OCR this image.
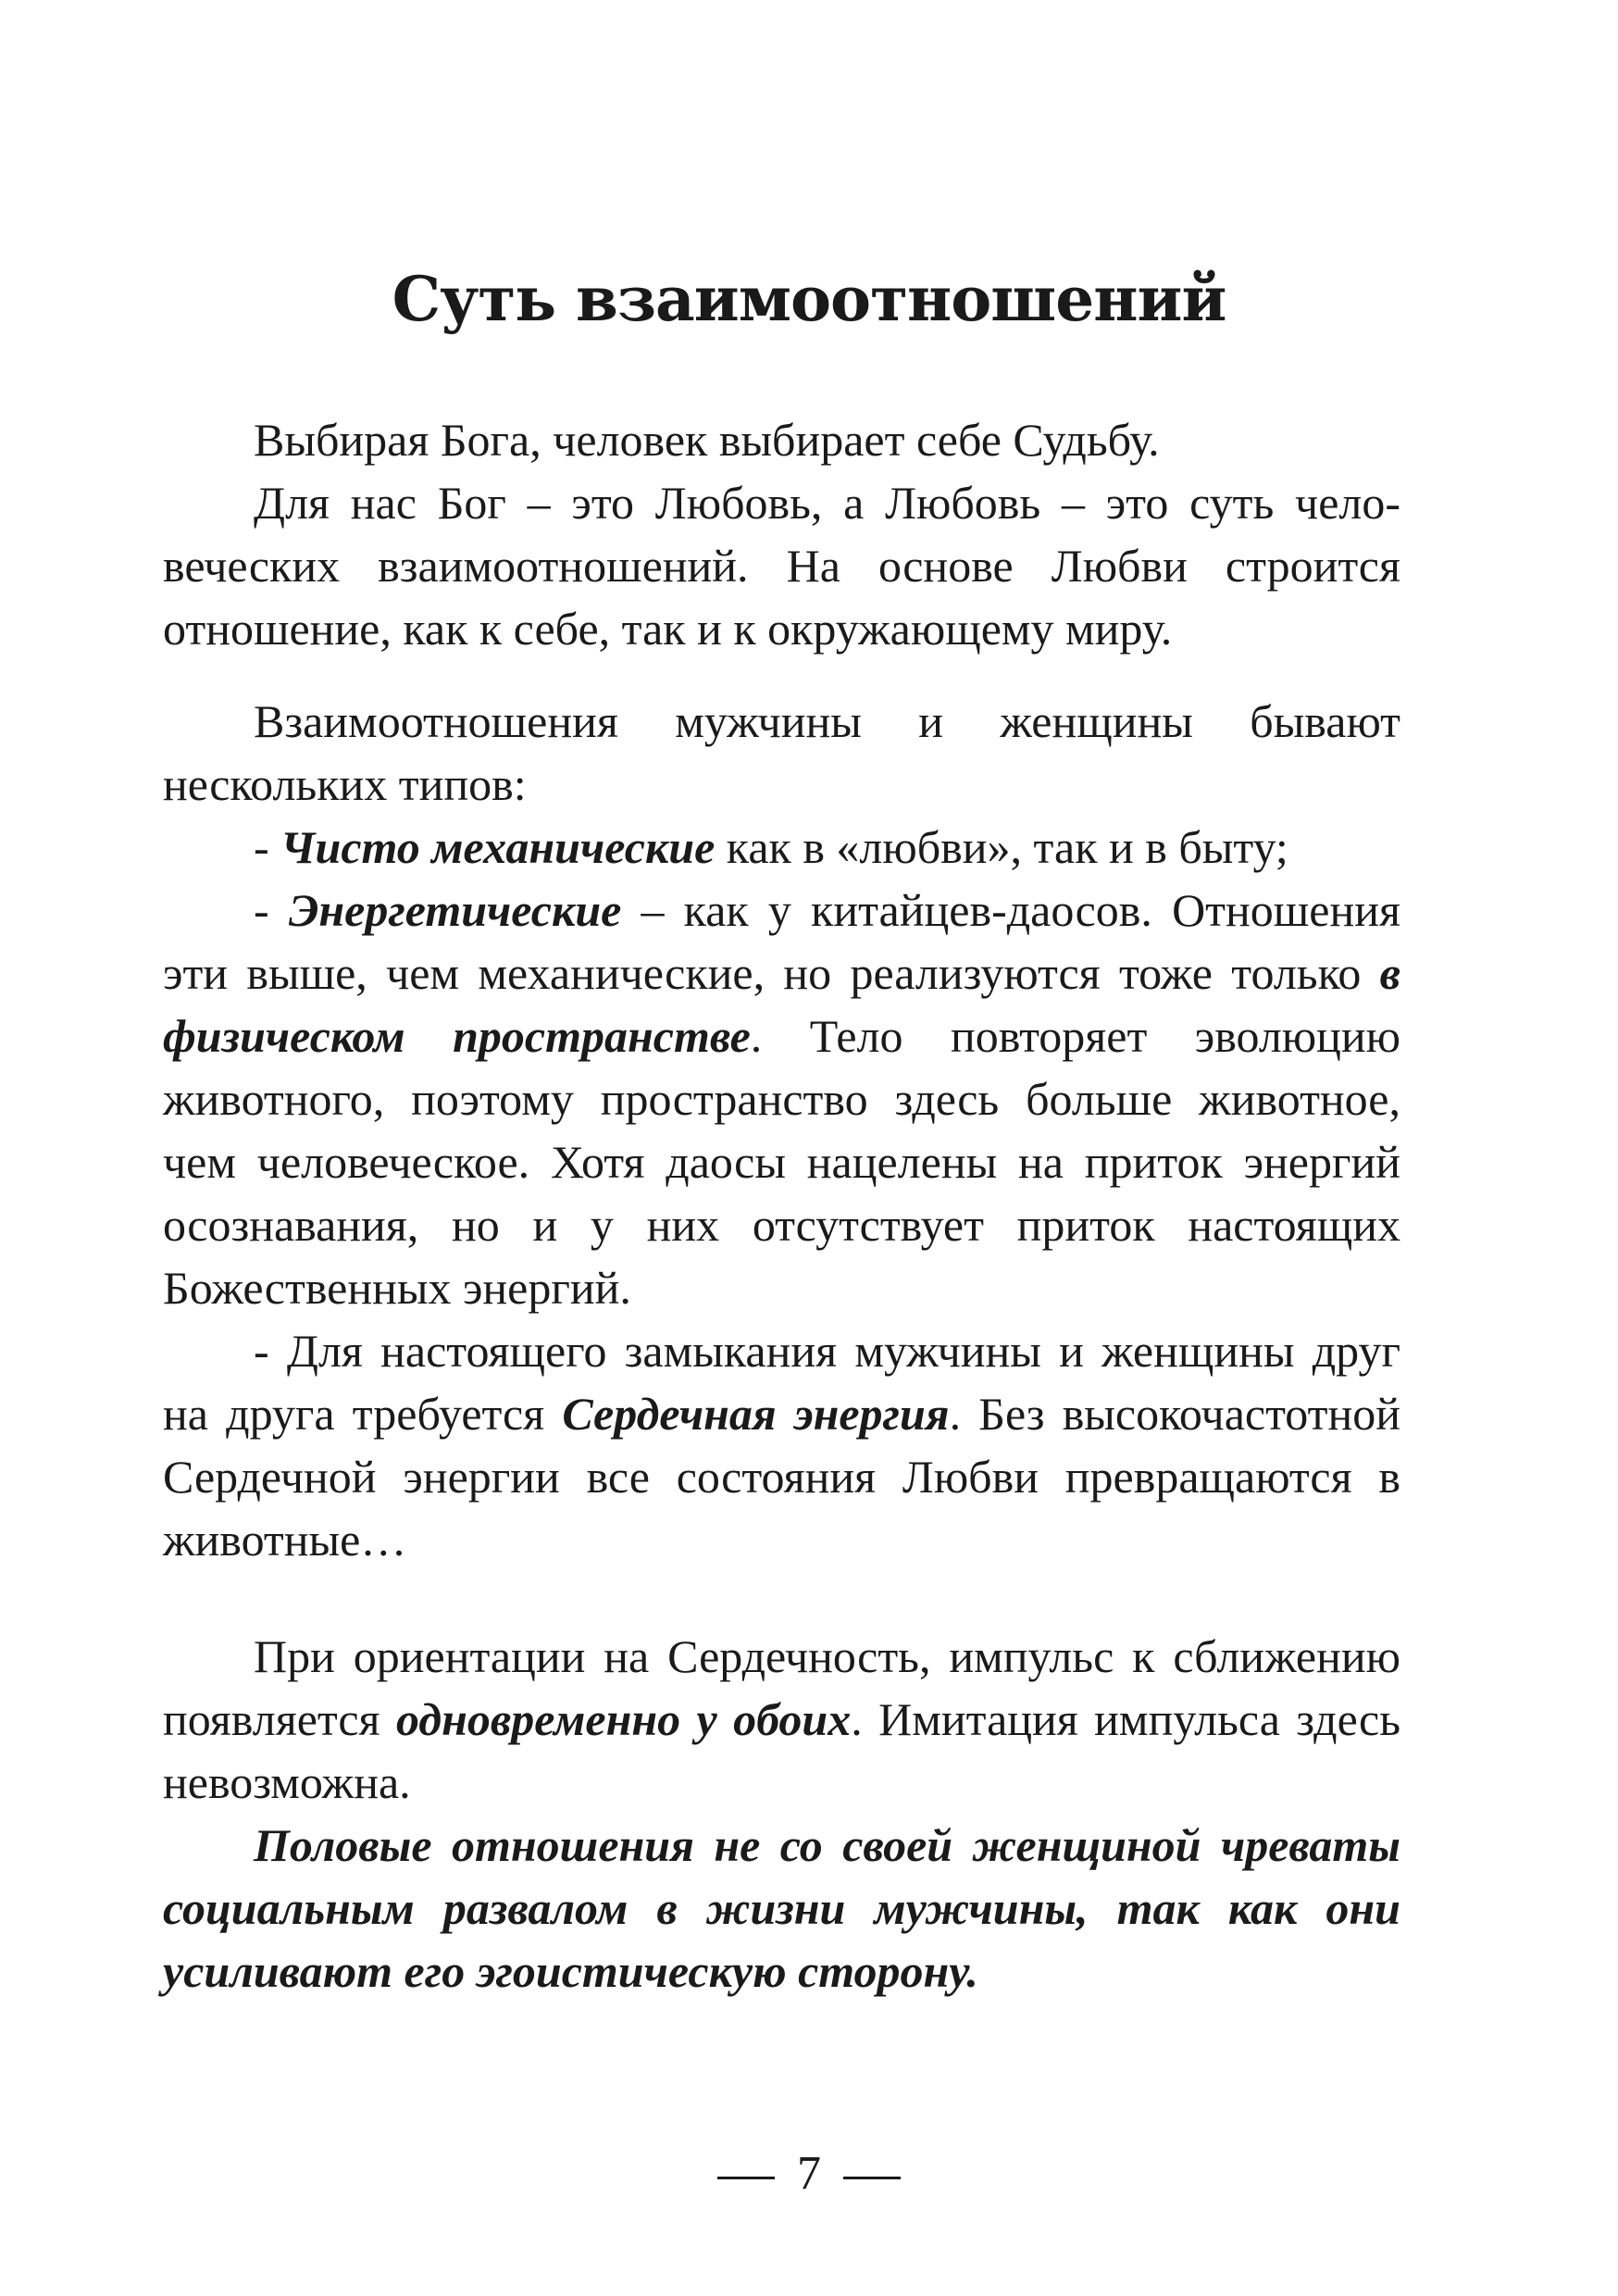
Суть взаимоотношений

Выбирая Бога, человек выбирает себе Судьбу.

Для нас Бог – это Любовь, а Любовь – это суть человеческих взаимоотношений. На основе Любви строится отношение, как к себе, так и к окружающему миру.

Взаимоотношения мужчины и женщины бывают нескольких типов:

- Чисто механические как в «любви», так и в быту;

- Энергетические – как у китайцев-даосов. Отношения эти выше, чем механические, но реализуются тоже только в физическом пространстве. Тело повторяет эволюцию животного, поэтому пространство здесь больше животное, чем человеческое. Хотя даосы нацелены на приток энергий осознавания, но и у них отсутствует приток настоящих Божественных энергий.

- Для настоящего замыкания мужчины и женщины друг на друга требуется Сердечная энергия. Без высокочастотной Сердечной энергии все состояния Любви превращаются в животные…

При ориентации на Сердечность, импульс к сближению появляется одновременно у обоих. Имитация импульса здесь невозможна.

Половые отношения не со своей женщиной чреваты социальным развалом в жизни мужчины, так как они усиливают его эгоистическую сторону.

7
